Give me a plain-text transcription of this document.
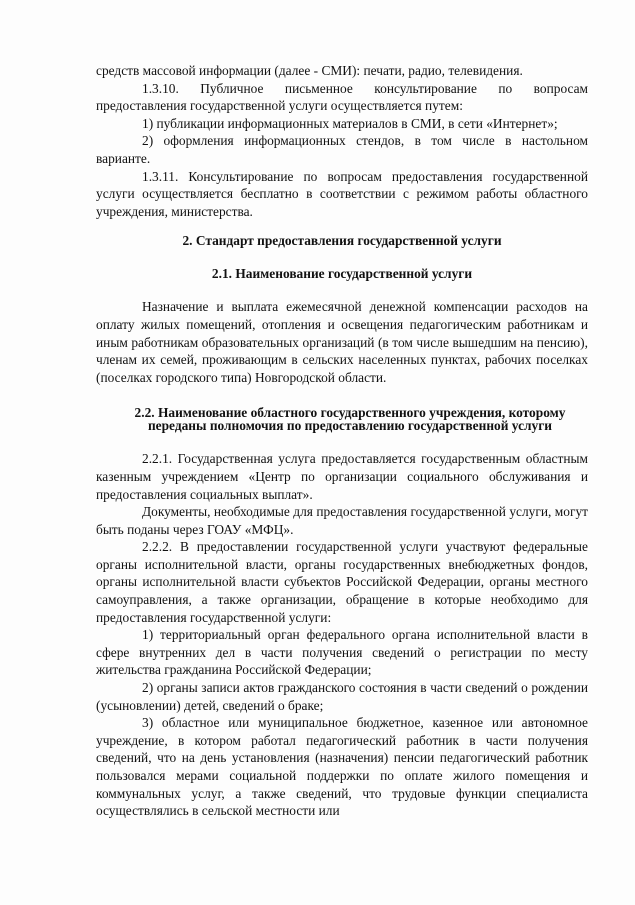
средств массовой информации (далее - СМИ): печати, радио, телевидения.

1.3.10. Публичное письменное консультирование по вопросам предоставления государственной услуги осуществляется путем:

1) публикации информационных материалов в СМИ, в сети «Интернет»;

2) оформления информационных стендов, в том числе в настольном варианте.

1.3.11. Консультирование по вопросам предоставления государственной услуги осуществляется бесплатно в соответствии с режимом работы областного учреждения, министерства.

2. Стандарт предоставления государственной услуги
2.1. Наименование государственной услуги

Назначение и выплата ежемесячной денежной компенсации расходов на оплату жилых помещений, отопления и освещения педагогическим работникам и иным работникам образовательных организаций (в том числе вышедшим на пенсию), членам их семей, проживающим в сельских населенных пунктах, рабочих поселках (поселках городского типа) Новгородской области.

2.2. Наименование областного государственного учреждения, которому переданы полномочия по предоставлению государственной услуги

2.2.1. Государственная услуга предоставляется государственным областным казенным учреждением «Центр по организации социального обслуживания и предоставления социальных выплат».

Документы, необходимые для предоставления государственной услуги, могут быть поданы через ГОАУ «МФЦ».

2.2.2. В предоставлении государственной услуги участвуют федеральные органы исполнительной власти, органы государственных внебюджетных фондов, органы исполнительной власти субъектов Российской Федерации, органы местного самоуправления, а также организации, обращение в которые необходимо для предоставления государственной услуги:

1) территориальный орган федерального органа исполнительной власти в сфере внутренних дел в части получения сведений о регистрации по месту жительства гражданина Российской Федерации;

2) органы записи актов гражданского состояния в части сведений о рождении (усыновлении) детей, сведений о браке;

3) областное или муниципальное бюджетное, казенное или автономное учреждение, в котором работал педагогический работник в части получения сведений, что на день установления (назначения) пенсии педагогический работник пользовался мерами социальной поддержки по оплате жилого помещения и коммунальных услуг, а также сведений, что трудовые функции специалиста осуществлялись в сельской местности или
